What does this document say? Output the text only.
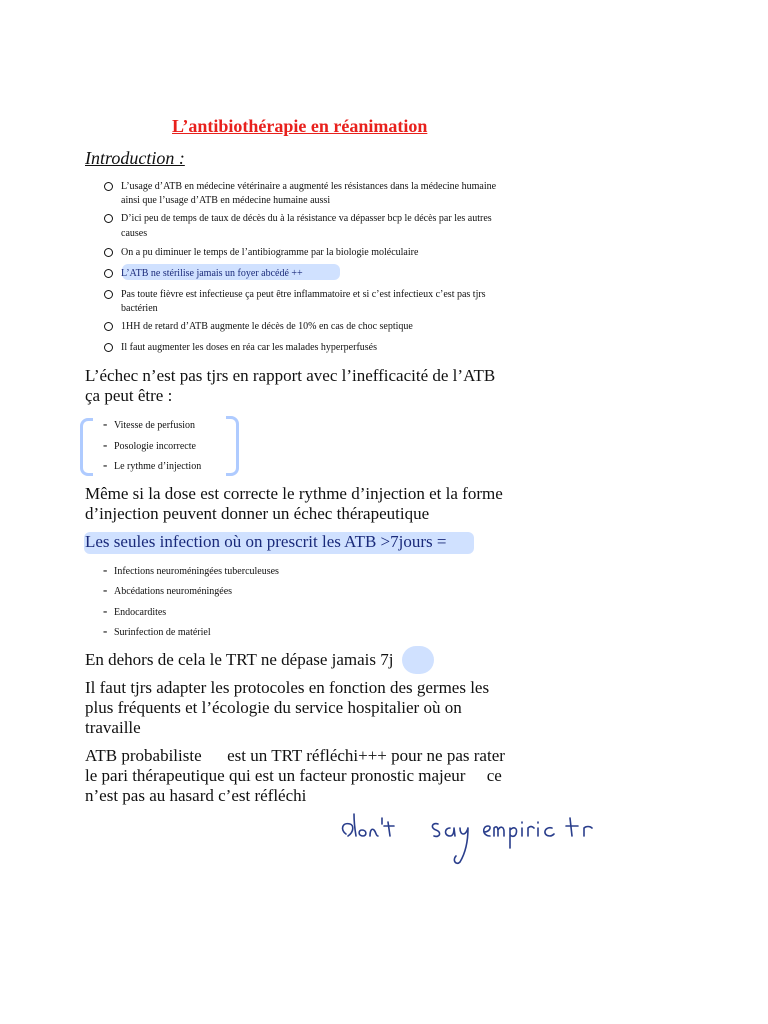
L’antibiothérapie en réanimation
Introduction :
L’usage d’ATB en médecine vétérinaire a augmenté les résistances dans la médecine humaine
ainsi que l’usage d’ATB en médecine humaine aussi
D’ici peu de temps de taux de décès du à la résistance va dépasser bcp le décès par les autres
causes
On a pu diminuer le temps de l’antibiogramme par la biologie moléculaire
L’ATB ne stérilise jamais un foyer abcédé ++
Pas toute fièvre est infectieuse ça peut être inflammatoire et si c’est infectieux c’est pas tjrs
bactérien
1HH de retard d’ATB augmente le décès de 10% en cas de choc septique
Il faut augmenter les doses en réa car les malades hyperperfusés
L’échec n’est pas tjrs en rapport avec l’inefficacité de l’ATB
ça peut être :
- Vitesse de perfusion
- Posologie incorrecte
- Le rythme d’injection
Même si la dose est correcte le rythme d’injection et la forme
d’injection peuvent donner un échec thérapeutique
Les seules infection où on prescrit les ATB >7jours =
- Infections neuroméningées tuberculeuses
- Abcédations neuroméningées
- Endocardites
- Surinfection de matériel
En dehors de cela le TRT ne dépase jamais 7j
Il faut tjrs adapter les protocoles en fonction des germes les
plus fréquents et l’écologie du service hospitalier où on
travaille
ATB probabiliste      est un TRT réfléchi+++ pour ne pas rater
le pari thérapeutique qui est un facteur pronostic majeur     ce
n’est pas au hasard c’est réfléchi
